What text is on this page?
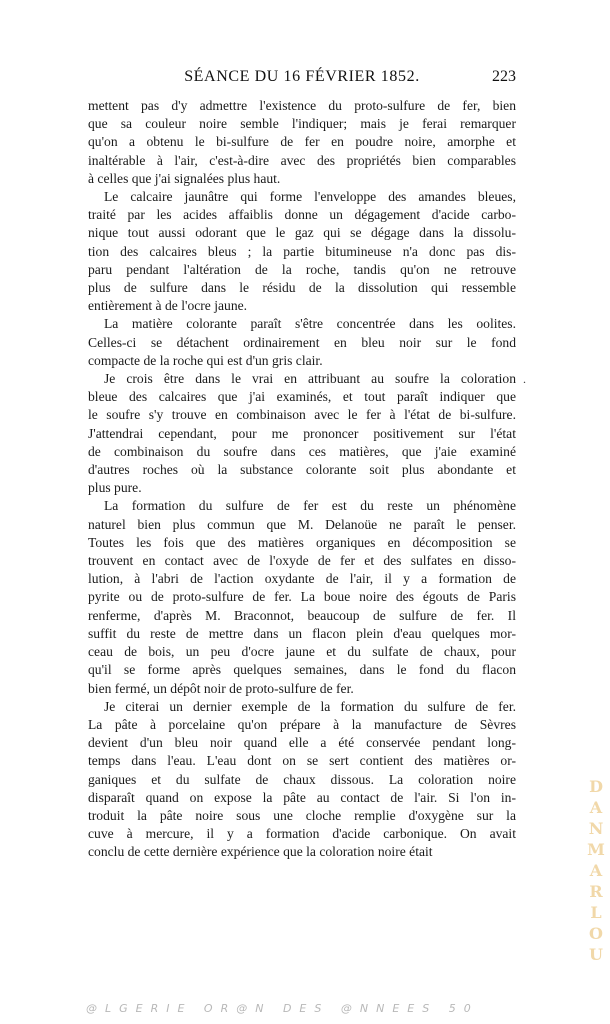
SÉANCE DU 16 FÉVRIER 1852.	223

mettent pas d'y admettre l'existence du proto-sulfure de fer, bien
que sa couleur noire semble l'indiquer; mais je ferai remarquer
qu'on a obtenu le bi-sulfure de fer en poudre noire, amorphe et
inaltérable à l'air, c'est-à-dire avec des propriétés bien comparables
à celles que j'ai signalées plus haut.

Le calcaire jaunâtre qui forme l'enveloppe des amandes bleues,
traité par les acides affaiblis donne un dégagement d'acide carbo-
nique tout aussi odorant que le gaz qui se dégage dans la dissolu-
tion des calcaires bleus ; la partie bitumineuse n'a donc pas dis-
paru pendant l'altération de la roche, tandis qu'on ne retrouve
plus de sulfure dans le résidu de la dissolution qui ressemble
entièrement à de l'ocre jaune.

La matière colorante paraît s'être concentrée dans les oolites.
Celles-ci se détachent ordinairement en bleu noir sur le fond
compacte de la roche qui est d'un gris clair.

Je crois être dans le vrai en attribuant au soufre la coloration
bleue des calcaires que j'ai examinés, et tout paraît indiquer que
le soufre s'y trouve en combinaison avec le fer à l'état de bi-sulfure.
J'attendrai cependant, pour me prononcer positivement sur l'état
de combinaison du soufre dans ces matières, que j'aie examiné
d'autres roches où la substance colorante soit plus abondante et
plus pure.

La formation du sulfure de fer est du reste un phénomène
naturel bien plus commun que M. Delanoüe ne paraît le penser.
Toutes les fois que des matières organiques en décomposition se
trouvent en contact avec de l'oxyde de fer et des sulfates en disso-
lution, à l'abri de l'action oxydante de l'air, il y a formation de
pyrite ou de proto-sulfure de fer. La boue noire des égouts de Paris
renferme, d'après M. Braconnot, beaucoup de sulfure de fer. Il
suffit du reste de mettre dans un flacon plein d'eau quelques mor-
ceau de bois, un peu d'ocre jaune et du sulfate de chaux, pour
qu'il se forme après quelques semaines, dans le fond du flacon
bien fermé, un dépôt noir de proto-sulfure de fer.

Je citerai un dernier exemple de la formation du sulfure de fer.
La pâte à porcelaine qu'on prépare à la manufacture de Sèvres
devient d'un bleu noir quand elle a été conservée pendant long-
temps dans l'eau. L'eau dont on se sert contient des matières or-
ganiques et du sulfate de chaux dissous. La coloration noire
disparaît quand on expose la pâte au contact de l'air. Si l'on in-
troduit la pâte noire sous une cloche remplie d'oxygène sur la
cuve à mercure, il y a formation d'acide carbonique. On avait
conclu de cette dernière expérience que la coloration noire était

.
D
A
N
M
A
R
L
O
U
@LGERIE OR@N DES @NNEES 50
